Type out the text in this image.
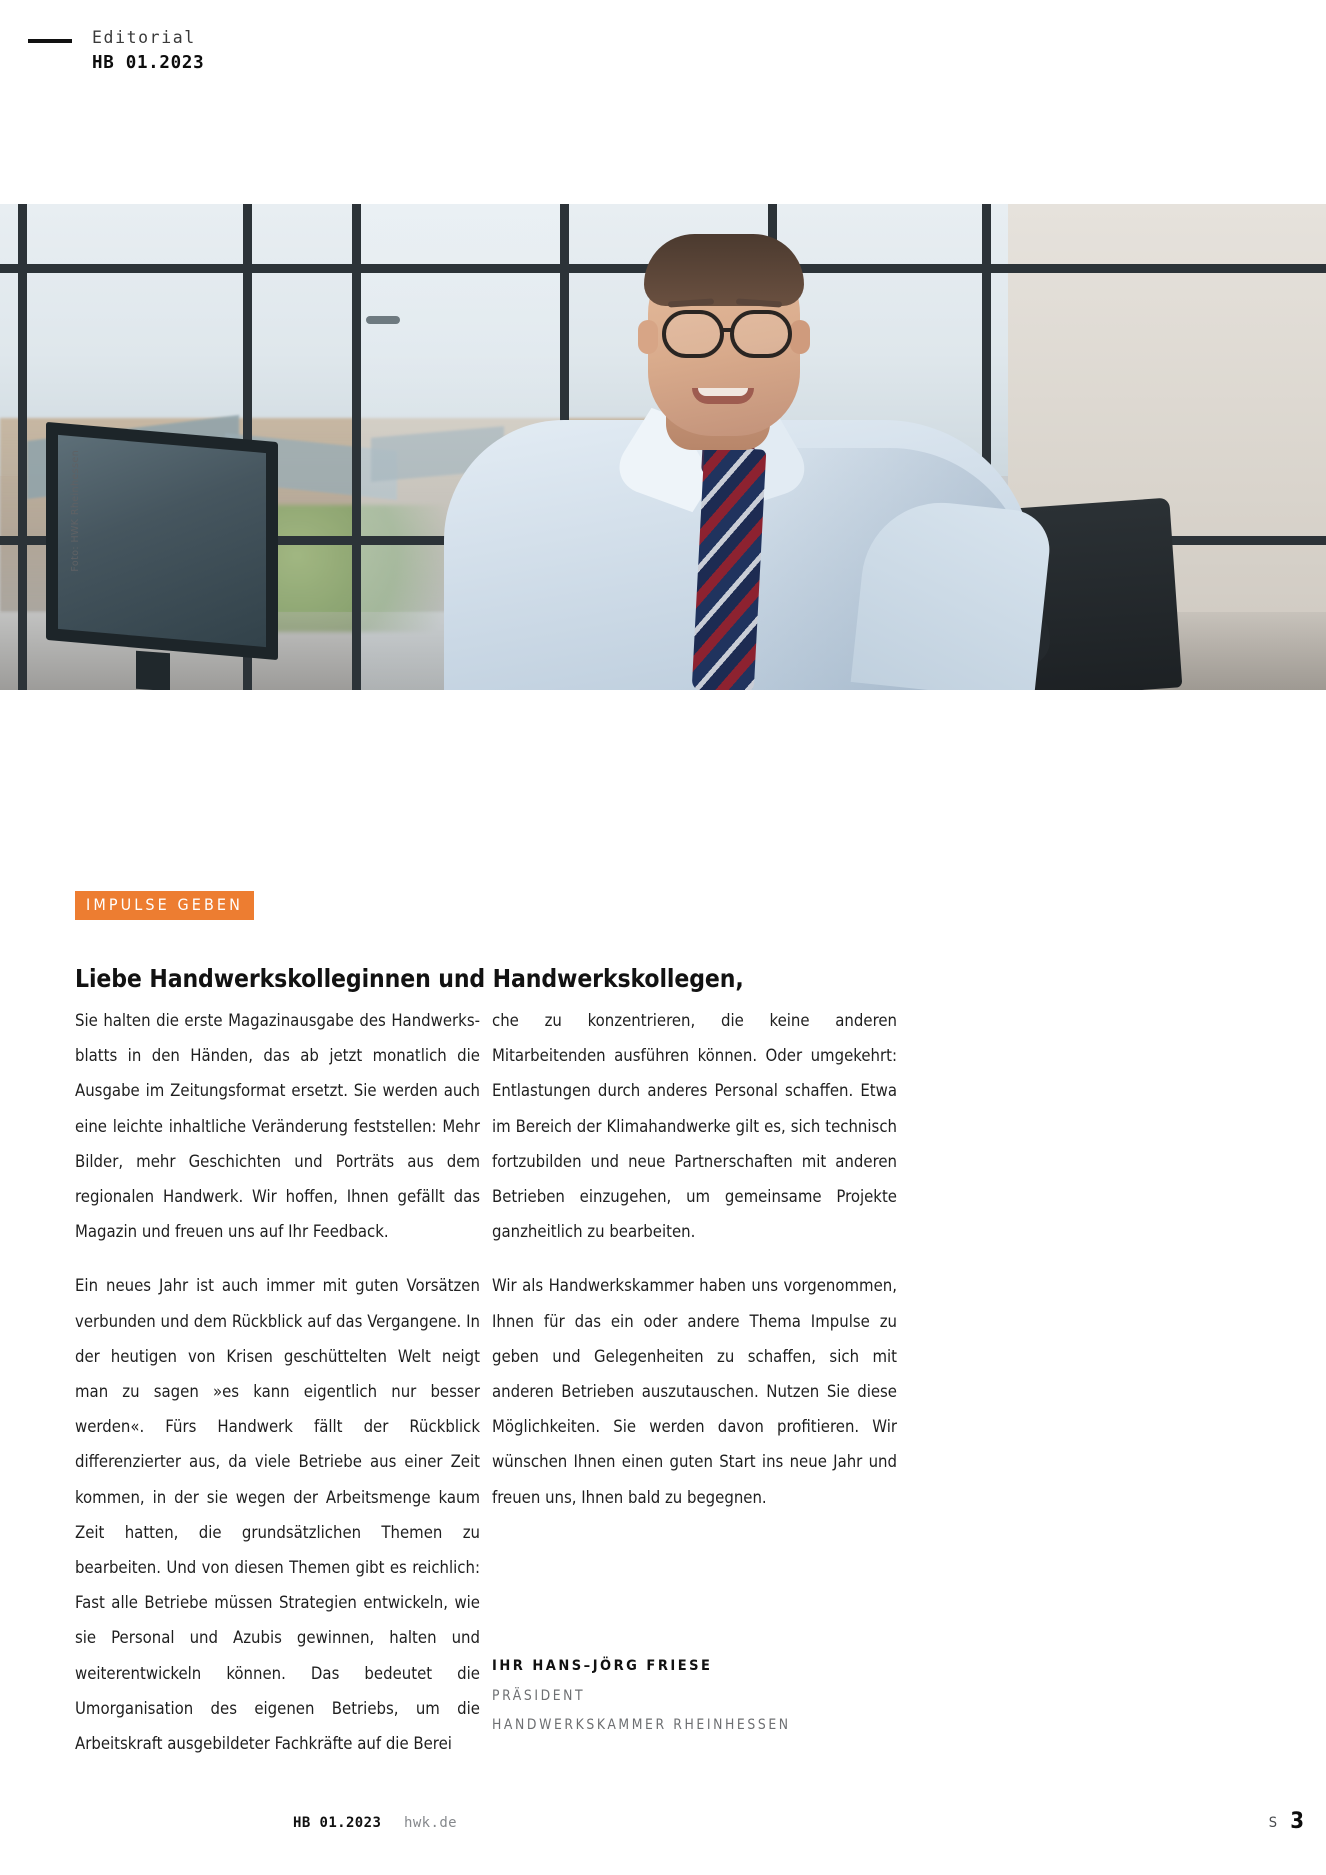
Editorial
HB 01.2023
Foto: HWK Rheinhessen
IMPULSE GEBEN
Liebe Handwerkskolleginnen und Handwerkskollegen,

Sie halten die erste Magazinausgabe des Handwerksblatts in den Händen, das ab jetzt monatlich die Ausgabe im Zeitungsformat ersetzt. Sie werden auch eine leichte inhaltliche Veränderung feststellen: Mehr Bilder, mehr Geschichten und Porträts aus dem regionalen Handwerk. Wir hoffen, Ihnen gefällt das Magazin und freuen uns auf Ihr Feedback.

Ein neues Jahr ist auch immer mit guten Vorsätzen verbunden und dem Rückblick auf das Vergangene. In der heutigen von Krisen geschüttelten Welt neigt man zu sagen »es kann eigentlich nur besser werden«. Fürs Handwerk fällt der Rückblick differenzierter aus, da viele Betriebe aus einer Zeit kommen, in der sie wegen der Arbeitsmenge kaum Zeit hatten, die grundsätzlichen Themen zu bearbeiten. Und von diesen Themen gibt es reichlich: Fast alle Betriebe müssen Strategien entwickeln, wie sie Personal und Azubis gewinnen, halten und weiterentwickeln können. Das bedeutet die Umorganisation des eigenen Betriebs, um die Arbeitskraft ausgebildeter Fachkräfte auf die Berei

che zu konzentrieren, die keine anderen Mitarbeitenden ausführen können. Oder umgekehrt: Entlastungen durch anderes Personal schaffen. Etwa im Bereich der Klimahandwerke gilt es, sich technisch fortzubilden und neue Partnerschaften mit anderen Betrieben einzugehen, um gemeinsame Projekte ganzheitlich zu bearbeiten.

Wir als Handwerkskammer haben uns vorgenommen, Ihnen für das ein oder andere Thema Impulse zu geben und Gelegenheiten zu schaffen, sich mit anderen Betrieben auszutauschen. Nutzen Sie diese Möglichkeiten. Sie werden davon profitieren. Wir wünschen Ihnen einen guten Start ins neue Jahr und freuen uns, Ihnen bald zu begegnen.

IHR HANS–JÖRG FRIESE
PRÄSIDENT
HANDWERKSKAMMER RHEINHESSEN
HB 01.2023 hwk.de	S 3
